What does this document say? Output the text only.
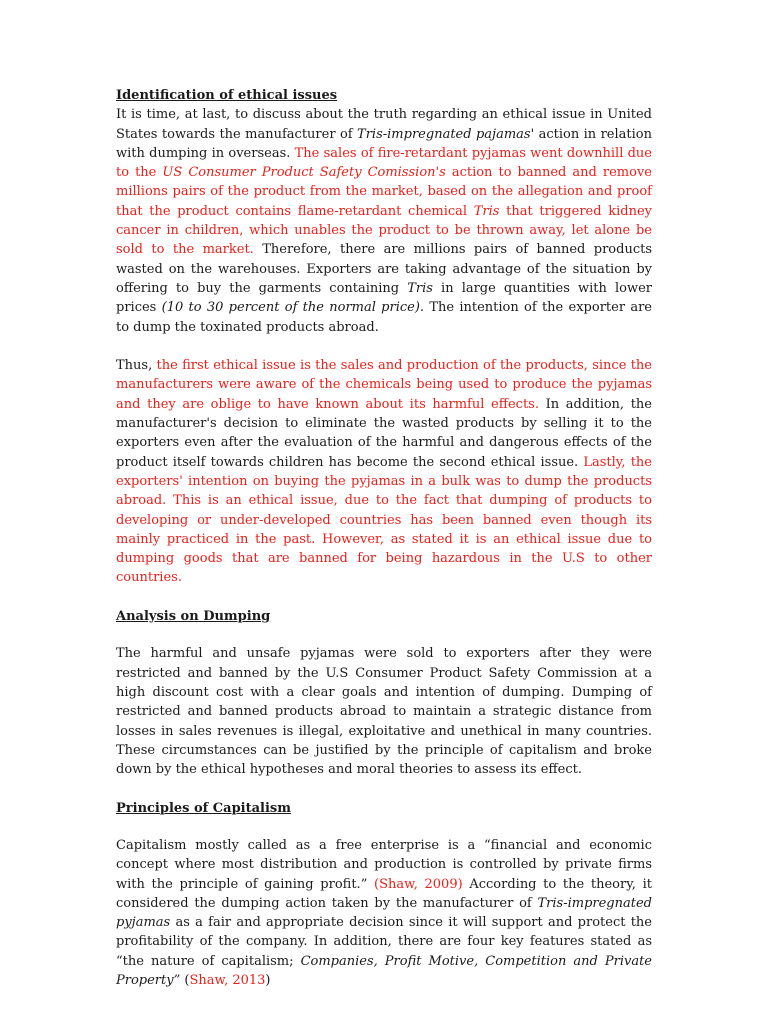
Identification of ethical issues

It is time, at last, to discuss about the truth regarding an ethical issue in United States towards the manufacturer of Tris-impregnated pajamas' action in relation with dumping in overseas. The sales of fire-retardant pyjamas went downhill due to the US Consumer Product Safety Comission's action to banned and remove millions pairs of the product from the market, based on the allegation and proof that the product contains flame-retardant chemical Tris that triggered kidney cancer in children, which unables the product to be thrown away, let alone be sold to the market. Therefore, there are millions pairs of banned products wasted on the warehouses. Exporters are taking advantage of the situation by offering to buy the garments containing Tris in large quantities with lower prices (10 to 30 percent of the normal price). The intention of the exporter are to dump the toxinated products abroad.

Thus, the first ethical issue is the sales and production of the products, since the manufacturers were aware of the chemicals being used to produce the pyjamas and they are oblige to have known about its harmful effects. In addition, the manufacturer's decision to eliminate the wasted products by selling it to the exporters even after the evaluation of the harmful and dangerous effects of the product itself towards children has become the second ethical issue. Lastly, the exporters' intention on buying the pyjamas in a bulk was to dump the products abroad. This is an ethical issue, due to the fact that dumping of products to developing or under-developed countries has been banned even though its mainly practiced in the past. However, as stated it is an ethical issue due to dumping goods that are banned for being hazardous in the U.S to other countries.

Analysis on Dumping

The harmful and unsafe pyjamas were sold to exporters after they were restricted and banned by the U.S Consumer Product Safety Commission at a high discount cost with a clear goals and intention of dumping. Dumping of restricted and banned products abroad to maintain a strategic distance from losses in sales revenues is illegal, exploitative and unethical in many countries. These circumstances can be justified by the principle of capitalism and broke down by the ethical hypotheses and moral theories to assess its effect.

Principles of Capitalism

Capitalism mostly called as a free enterprise is a “financial and economic concept where most distribution and production is controlled by private firms with the principle of gaining profit.” (Shaw, 2009) According to the theory, it considered the dumping action taken by the manufacturer of Tris-impregnated pyjamas as a fair and appropriate decision since it will support and protect the profitability of the company. In addition, there are four key features stated as “the nature of capitalism; Companies, Profit Motive, Competition and Private Property” (Shaw, 2013)
